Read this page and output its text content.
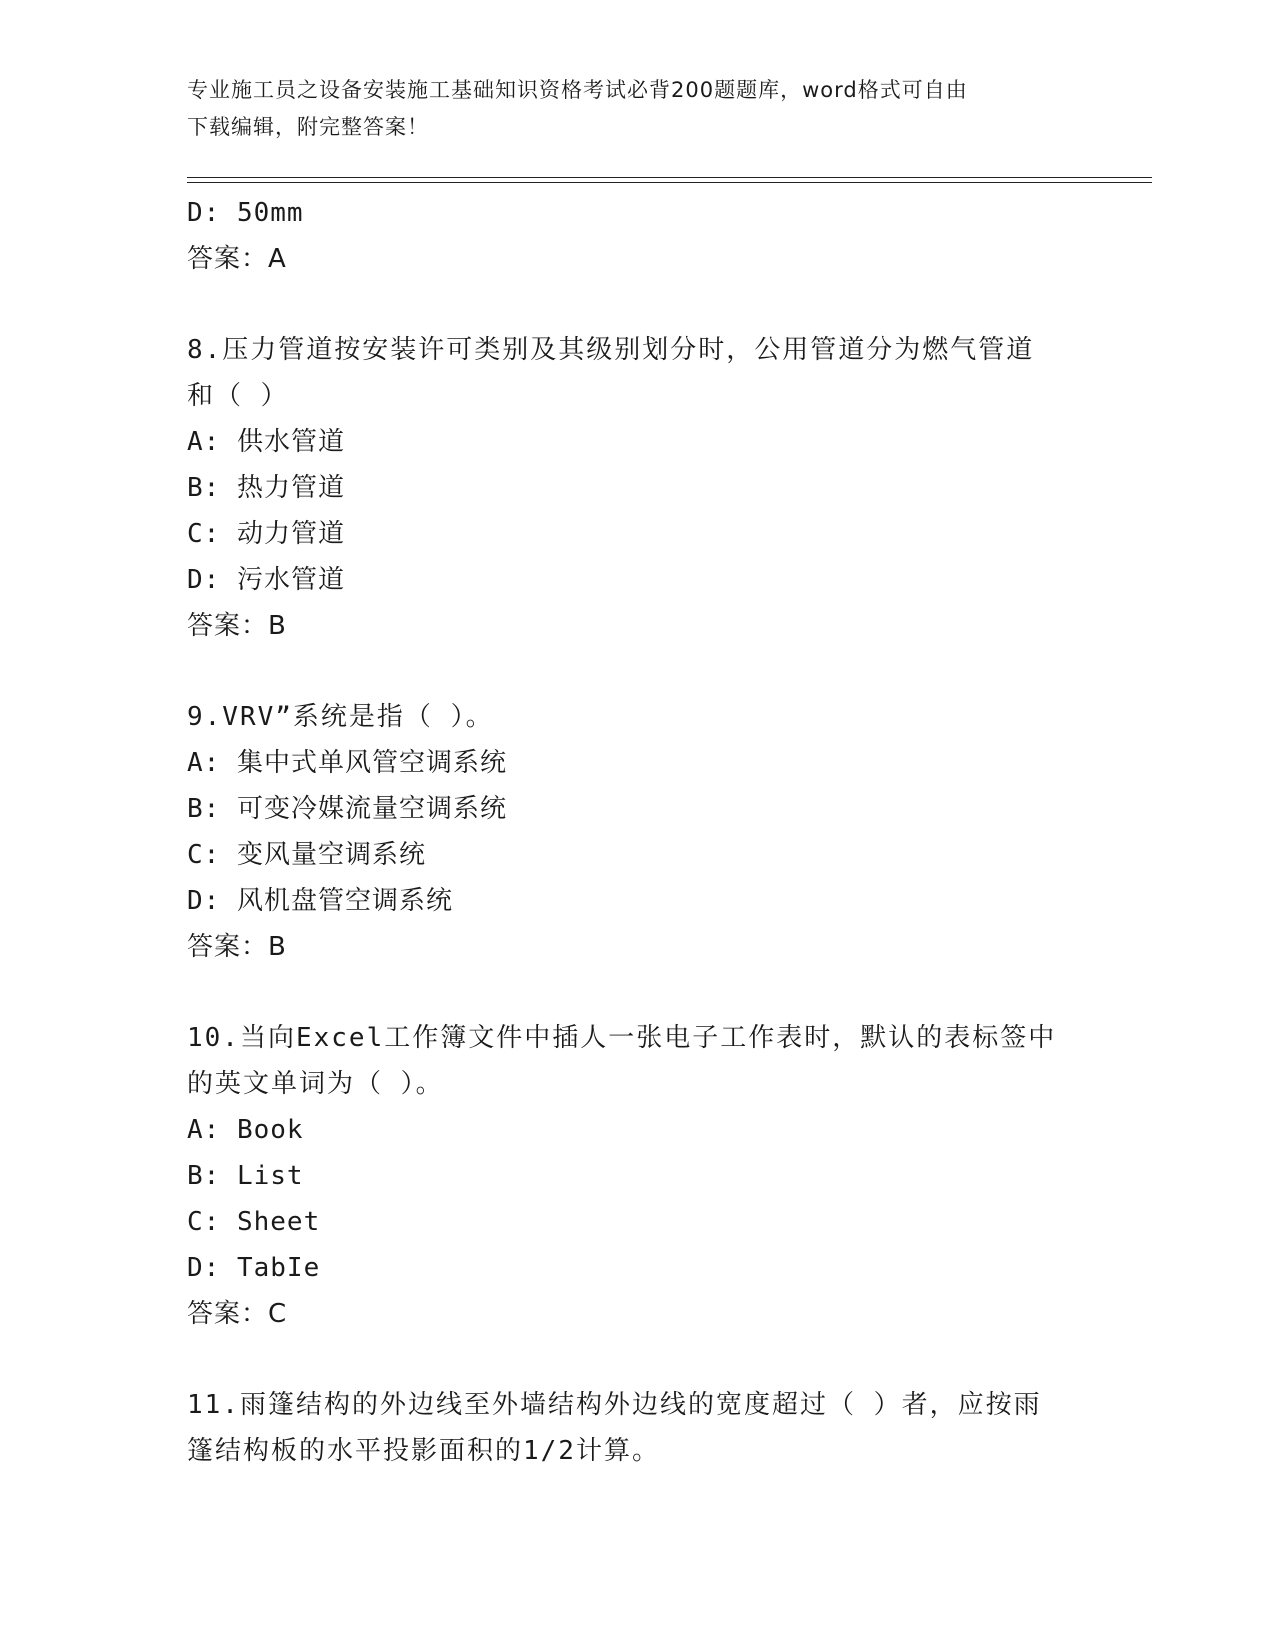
专业施工员之设备安装施工基础知识资格考试必背200题题库，word格式可自由
下载编辑，附完整答案！
D: 50mm
答案：A
8.压力管道按安装许可类别及其级别划分时，公用管道分为燃气管道
和（ ）
A: 供水管道
B: 热力管道
C: 动力管道
D: 污水管道
答案：B
9.VRV”系统是指（ ）。
A: 集中式单风管空调系统
B: 可变冷媒流量空调系统
C: 变风量空调系统
D: 风机盘管空调系统
答案：B
10.当向Excel工作簿文件中插人一张电子工作表时，默认的表标签中
的英文单词为（ ）。
A: Book
B: List
C: Sheet
D: TabIe
答案：C
11.雨篷结构的外边线至外墙结构外边线的宽度超过（ ）者，应按雨
篷结构板的水平投影面积的1/2计算。
